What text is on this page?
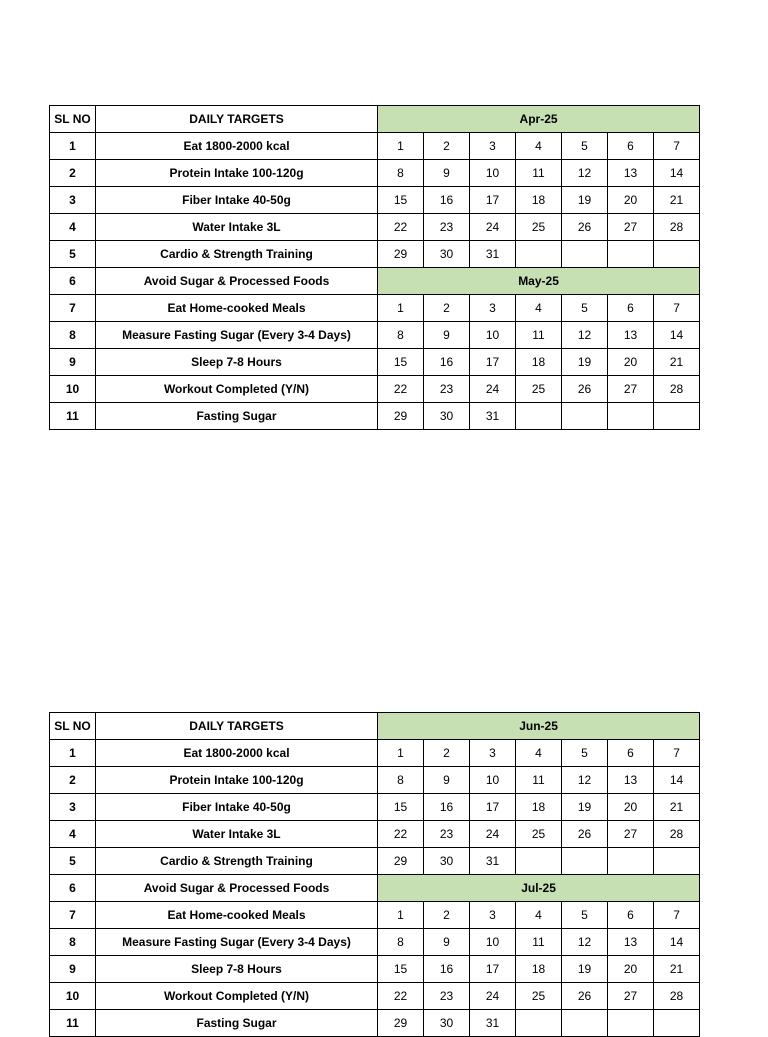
SL NO	DAILY TARGETS	Apr-25						
1	Eat 1800-2000 kcal	1	2	3	4	5	6	7
2	Protein Intake 100-120g	8	9	10	11	12	13	14
3	Fiber Intake 40-50g	15	16	17	18	19	20	21
4	Water Intake 3L	22	23	24	25	26	27	28
5	Cardio & Strength Training	29	30	31				
6	Avoid Sugar & Processed Foods	May-25						
7	Eat Home-cooked Meals	1	2	3	4	5	6	7
8	Measure Fasting Sugar (Every 3-4 Days)	8	9	10	11	12	13	14
9	Sleep 7-8 Hours	15	16	17	18	19	20	21
10	Workout Completed (Y/N)	22	23	24	25	26	27	28
11	Fasting Sugar	29	30	31				
SL NO	DAILY TARGETS	Jun-25						
1	Eat 1800-2000 kcal	1	2	3	4	5	6	7
2	Protein Intake 100-120g	8	9	10	11	12	13	14
3	Fiber Intake 40-50g	15	16	17	18	19	20	21
4	Water Intake 3L	22	23	24	25	26	27	28
5	Cardio & Strength Training	29	30	31				
6	Avoid Sugar & Processed Foods	Jul-25						
7	Eat Home-cooked Meals	1	2	3	4	5	6	7
8	Measure Fasting Sugar (Every 3-4 Days)	8	9	10	11	12	13	14
9	Sleep 7-8 Hours	15	16	17	18	19	20	21
10	Workout Completed (Y/N)	22	23	24	25	26	27	28
11	Fasting Sugar	29	30	31				
